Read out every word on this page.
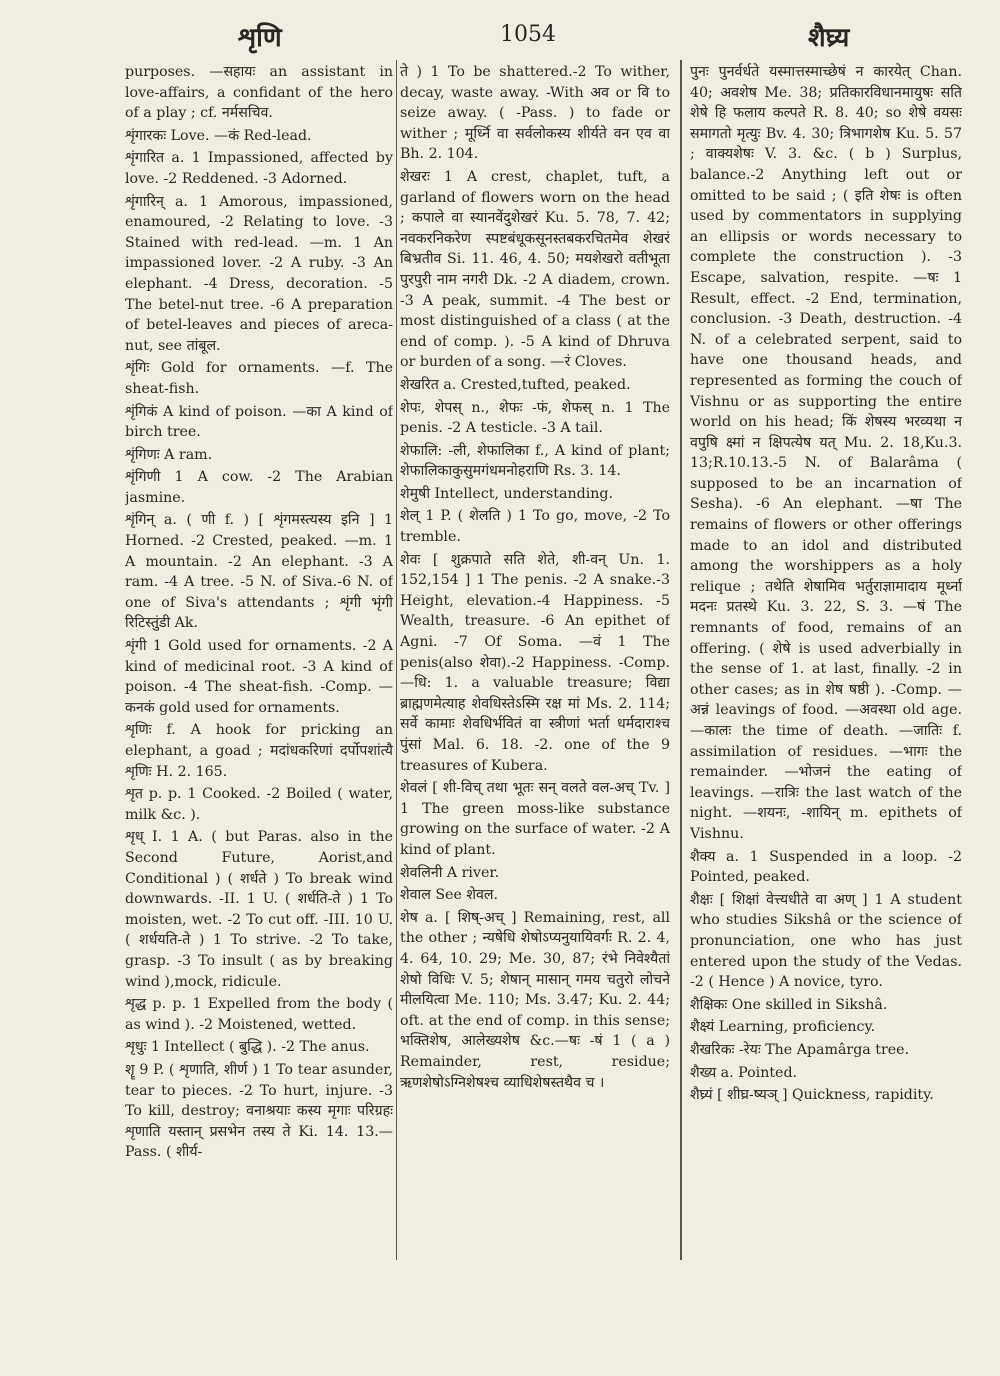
शृणि	1054	शैघ्र्य

purposes. —सहायः an assistant in love-affairs, a confidant of the hero of a play ; cf. नर्मसचिव.

शृंगारकः Love. —कं Red-lead.

शृंगारित a. 1 Impassioned, affected by love. -2 Reddened. -3 Adorned.

शृंगारिन् a. 1 Amorous, impassioned, enamoured, -2 Relating to love. -3 Stained with red-lead. —m. 1 An impassioned lover. -2 A ruby. -3 An elephant. -4 Dress, decoration. -5 The betel-nut tree. -6 A preparation of betel-leaves and pieces of areca-nut, see तांबूल.

शृंगिः Gold for ornaments. —f. The sheat-fish.

शृंगिकं A kind of poison. —का A kind of birch tree.

शृंगिणः A ram.

शृंगिणी 1 A cow. -2 The Arabian jasmine.

शृंगिन् a. ( णी f. ) [ शृंगमस्त्यस्य इनि ] 1 Horned. -2 Crested, peaked. —m. 1 A mountain. -2 An elephant. -3 A ram. -4 A tree. -5 N. of Siva.-6 N. of one of Siva's attendants ; शृंगी भृंगी रिटिस्तुंडी Ak.

शृंगी 1 Gold used for ornaments. -2 A kind of medicinal root. -3 A kind of poison. -4 The sheat-fish. -Comp. —कनकं gold used for ornaments.

शृणिः f. A hook for pricking an elephant, a goad ; मदांधकरिणां दर्पोपशांत्यै शृणिः H. 2. 165.

शृत p. p. 1 Cooked. -2 Boiled ( water, milk &c. ).

शृध् I. 1 A. ( but Paras. also in the Second Future, Aorist,and Conditional ) ( शर्धते ) To break wind downwards. -II. 1 U. ( शर्धति-ते ) 1 To moisten, wet. -2 To cut off. -III. 10 U. ( शर्धयति-ते ) 1 To strive. -2 To take, grasp. -3 To insult ( as by breaking wind ),mock, ridicule.

शृद्ध p. p. 1 Expelled from the body ( as wind ). -2 Moistened, wetted.

शृधुः 1 Intellect ( बुद्धि ). -2 The anus.

शॄ 9 P. ( शृणाति, शीर्ण ) 1 To tear asunder, tear to pieces. -2 To hurt, injure. -3 To kill, destroy; वनाश्रयाः कस्य मृगाः परिग्रहः शृणाति यस्तान् प्रसभेन तस्य ते Ki. 14. 13.—Pass. ( शीर्य-

ते ) 1 To be shattered.-2 To wither, decay, waste away. -With अव or वि to seize away. ( -Pass. ) to fade or wither ; मूर्ध्नि वा सर्वलोकस्य शीर्यते वन एव वा Bh. 2. 104.

शेखरः 1 A crest, chaplet, tuft, a garland of flowers worn on the head ; कपाले वा स्यानवेंदुशेखरं Ku. 5. 78, 7. 42; नवकरनिकरेण स्पष्टबंधूकसूनस्तबकरचितमेव शेखरं बिभ्रतीव Si. 11. 46, 4. 50; मयशेखरो वतीभूता पुरपुरी नाम नगरी Dk. -2 A diadem, crown. -3 A peak, summit. -4 The best or most distinguished of a class ( at the end of comp. ). -5 A kind of Dhruva or burden of a song. —रं Cloves.

शेखरित a. Crested,tufted, peaked.

शेपः, शेपस् n., शेफः -फं, शेफस् n. 1 The penis. -2 A testicle. -3 A tail.

शेफालि: -ली, शेफालिका f., A kind of plant; शेफालिकाकुसुमगंधमनोहराणि Rs. 3. 14.

शेमुषी Intellect, understanding.

शेल् 1 P. ( शेलति ) 1 To go, move, -2 To tremble.

शेवः [ शुक्रपाते सति शेते, शी-वन् Un. 1. 152,154 ] 1 The penis. -2 A snake.-3 Height, elevation.-4 Happiness. -5 Wealth, treasure. -6 An epithet of Agni. -7 Of Soma. —वं 1 The penis(also शेवा).-2 Happiness. -Comp.—धि: 1. a valuable treasure; विद्या ब्राह्मणमेत्याह शेवधिस्तेऽस्मि रक्ष मां Ms. 2. 114; सर्वे कामाः शेवधिर्भवितं वा स्त्रीणां भर्ता धर्मदाराश्च पुंसां Mal. 6. 18. -2. one of the 9 treasures of Kubera.

शेवलं [ शी-विच् तथा भूतः सन् वलते वल-अच् Tv. ] 1 The green moss-like substance growing on the surface of water. -2 A kind of plant.

शेवलिनी A river.

शेवाल See शेवल.

शेष a. [ शिष्-अच् ] Remaining, rest, all the other ; न्यषेधि शेषोऽप्यनुयायिवर्गः R. 2. 4, 4. 64, 10. 29; Me. 30, 87; रंभे निवेश्यैतां शेषो विधिः V. 5; शेषान् मासान् गमय चतुरो लोचने मीलयित्वा Me. 110; Ms. 3.47; Ku. 2. 44; oft. at the end of comp. in this sense; भक्तिशेष, आलेख्यशेष &c.—षः -षं 1 ( a ) Remainder, rest, residue; ऋणशेषोऽग्निशेषश्च व्याधिशेषस्तथैव च ।

पुनः पुनर्वर्धते यस्मात्तस्माच्छेषं न कारयेत् Chan. 40; अवशेष Me. 38; प्रतिकारविधानमायुषः सति शेषे हि फलाय कल्पते R. 8. 40; so शेषे वयसः समागतो मृत्युः Bv. 4. 30; त्रिभागशेष Ku. 5. 57 ; वाक्यशेषः V. 3. &c. ( b ) Surplus, balance.-2 Anything left out or omitted to be said ; ( इति शेषः is often used by commentators in supplying an ellipsis or words necessary to complete the construction ). -3 Escape, salvation, respite. —षः 1 Result, effect. -2 End, termination, conclusion. -3 Death, destruction. -4 N. of a celebrated serpent, said to have one thousand heads, and represented as forming the couch of Vishnu or as supporting the entire world on his head; किं शेषस्य भरव्यथा न वपुषि क्ष्मां न क्षिपत्येष यत् Mu. 2. 18,Ku.3. 13;R.10.13.-5 N. of Balarâma ( supposed to be an incarnation of Sesha). -6 An elephant. —षा The remains of flowers or other offerings made to an idol and distributed among the worshippers as a holy relique ; तथेति शेषामिव भर्तुराज्ञामादाय मूर्ध्ना मदनः प्रतस्थे Ku. 3. 22, S. 3. —षं The remnants of food, remains of an offering. ( शेषे is used adverbially in the sense of 1. at last, finally. -2 in other cases; as in शेष षष्ठी ). -Comp. —अन्नं leavings of food. —अवस्था old age. —कालः the time of death. —जातिः f. assimilation of residues. —भागः the remainder. —भोजनं the eating of leavings. —रात्रिः the last watch of the night. —शयनः, -शायिन् m. epithets of Vishnu.

शैक्य a. 1 Suspended in a loop. -2 Pointed, peaked.

शैक्षः [ शिक्षां वेत्त्यधीते वा अण् ] 1 A student who studies Sikshâ or the science of pronunciation, one who has just entered upon the study of the Vedas. -2 ( Hence ) A novice, tyro.

शैक्षिकः One skilled in Sikshâ.

शैक्ष्यं Learning, proficiency.

शैखरिकः -रेयः The Apamârga tree.

शैख्य a. Pointed.

शैघ्र्यं [ शीघ्र-ष्यञ् ] Quickness, rapidity.
